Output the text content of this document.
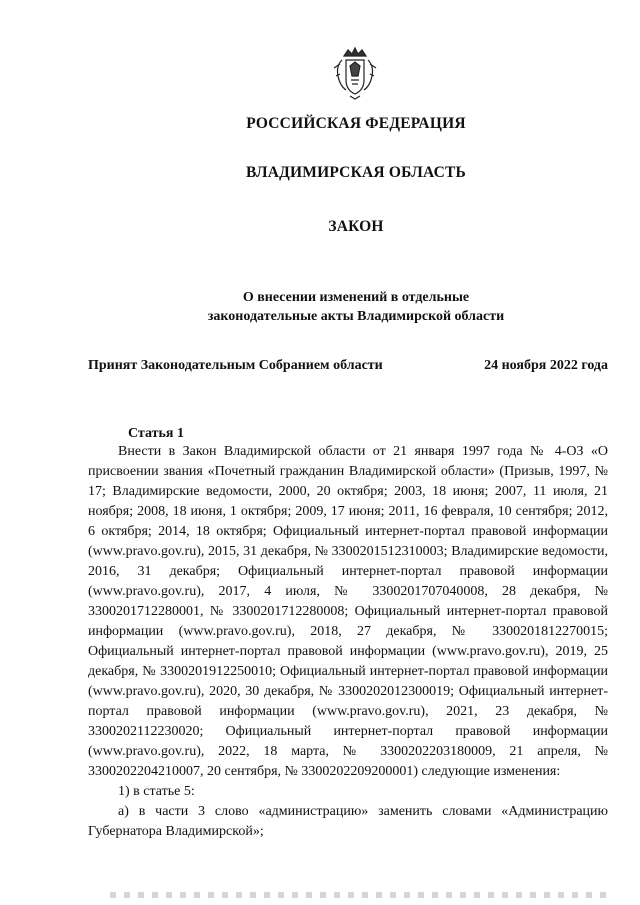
РОССИЙСКАЯ ФЕДЕРАЦИЯ
ВЛАДИМИРСКАЯ ОБЛАСТЬ
ЗАКОН
О внесении изменений в отдельные
законодательные акты Владимирской области
Принят Законодательным Собранием области	24 ноября 2022 года
Статья 1

Внести в Закон Владимирской области от 21 января 1997 года № 4-ОЗ «О присвоении звания «Почетный гражданин Владимирской области» (Призыв, 1997, № 17; Владимирские ведомости, 2000, 20 октября; 2003, 18 июня; 2007, 11 июля, 21 ноября; 2008, 18 июня, 1 октября; 2009, 17 июня; 2011, 16 февраля, 10 сентября; 2012, 6 октября; 2014, 18 октября; Официальный интернет-портал правовой информации (www.pravo.gov.ru), 2015, 31 декабря, № 3300201512310003; Владимирские ведомости, 2016, 31 декабря; Официальный интернет-портал правовой информации (www.pravo.gov.ru), 2017, 4 июля, № 3300201707040008, 28 декабря, № 3300201712280001, № 3300201712280008; Официальный интернет-портал правовой информации (www.pravo.gov.ru), 2018, 27 декабря, № 3300201812270015; Официальный интернет-портал правовой информации (www.pravo.gov.ru), 2019, 25 декабря, № 3300201912250010; Официальный интернет-портал правовой информации (www.pravo.gov.ru), 2020, 30 декабря, № 3300202012300019; Официальный интернет-портал правовой информации (www.pravo.gov.ru), 2021, 23 декабря, № 3300202112230020; Официальный интернет-портал правовой информации (www.pravo.gov.ru), 2022, 18 марта, № 3300202203180009, 21 апреля, № 3300202204210007, 20 сентября, № 3300202209200001) следующие изменения:

1) в статье 5:

а) в части 3 слово «администрацию» заменить словами «Администрацию Губернатора Владимирской»;
